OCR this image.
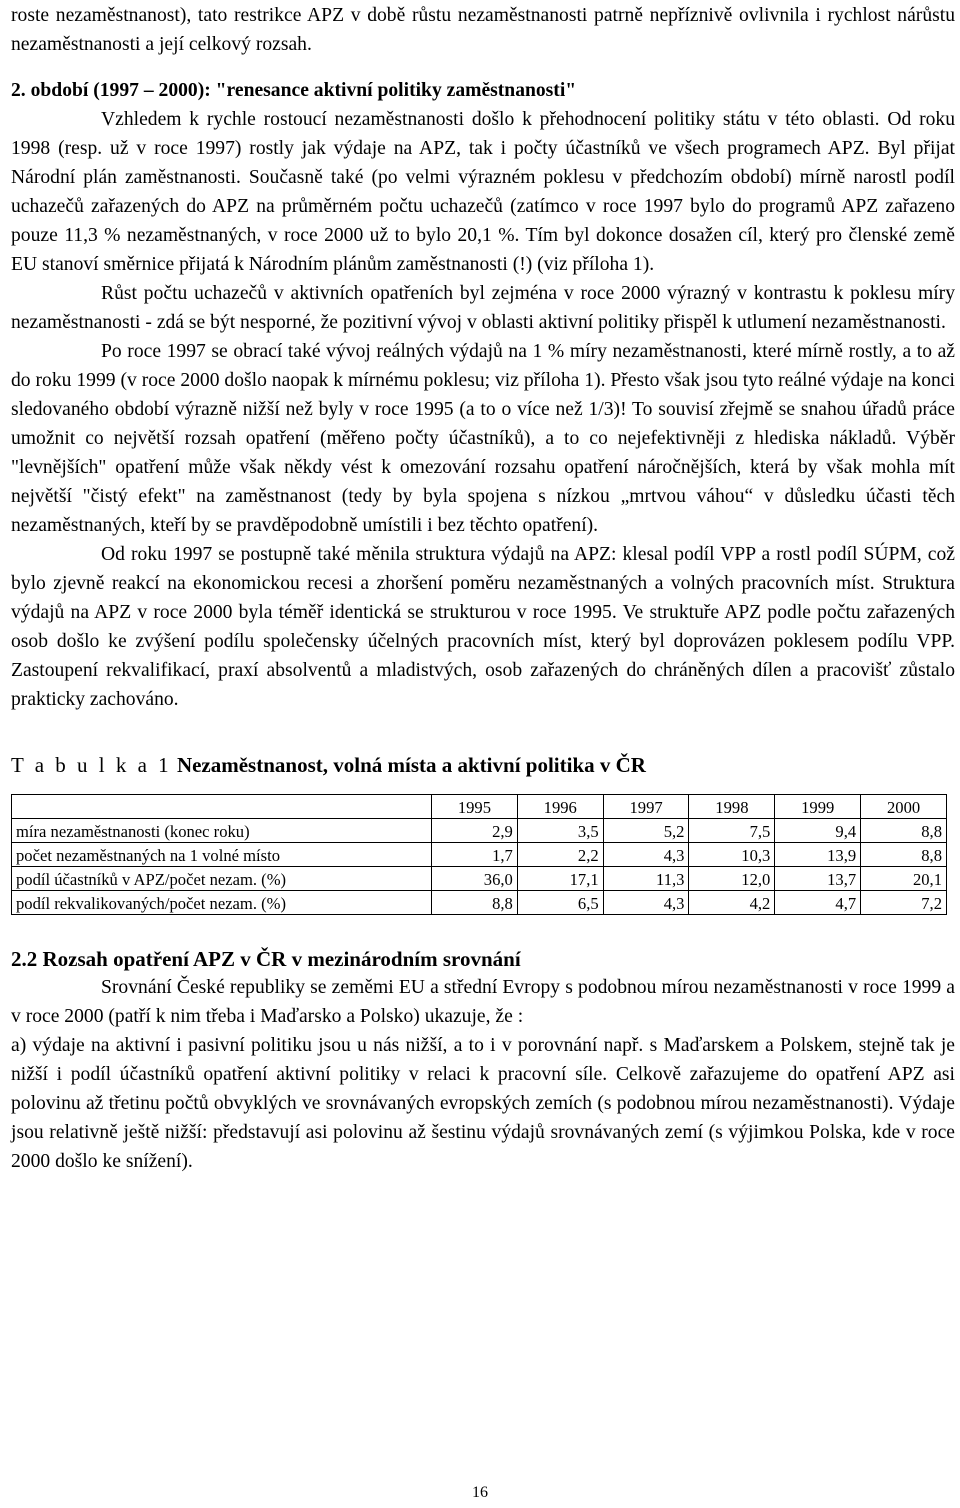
roste nezaměstnanost), tato restrikce APZ v době růstu nezaměstnanosti patrně nepříznivě ovlivnila i rychlost nárůstu nezaměstnanosti a její celkový rozsah.

2. období (1997 – 2000): "renesance aktivní politiky zaměstnanosti"

Vzhledem k rychle rostoucí nezaměstnanosti došlo k přehodnocení politiky státu v této oblasti. Od roku 1998 (resp. už v roce 1997) rostly jak výdaje na APZ, tak i počty účastníků ve všech programech APZ. Byl přijat Národní plán zaměstnanosti. Současně také (po velmi výrazném poklesu v předchozím období) mírně narostl podíl uchazečů zařazených do APZ na průměrném počtu uchazečů (zatímco v roce 1997 bylo do programů APZ zařazeno pouze 11,3 % nezaměstnaných, v roce 2000 už to bylo 20,1 %. Tím byl dokonce dosažen cíl, který pro členské země EU stanoví směrnice přijatá k Národním plánům zaměstnanosti (!) (viz příloha 1).

Růst počtu uchazečů v aktivních opatřeních byl zejména v roce 2000 výrazný v kontrastu k poklesu míry nezaměstnanosti - zdá se být nesporné, že pozitivní vývoj v oblasti aktivní politiky přispěl k utlumení nezaměstnanosti.

Po roce 1997 se obrací také vývoj reálných výdajů na 1 % míry nezaměstnanosti, které mírně rostly, a to až do roku 1999 (v roce 2000 došlo naopak k mírnému poklesu; viz příloha 1). Přesto však jsou tyto reálné výdaje na konci sledovaného období výrazně nižší než byly v roce 1995 (a to o více než 1/3)! To souvisí zřejmě se snahou úřadů práce umožnit co největší rozsah opatření (měřeno počty účastníků), a to co nejefektivněji z hlediska nákladů. Výběr "levnějších" opatření může však někdy vést k omezování rozsahu opatření náročnějších, která by však mohla mít největší "čistý efekt" na zaměstnanost (tedy by byla spojena s nízkou „mrtvou váhou“ v důsledku účasti těch nezaměstnaných, kteří by se pravděpodobně umístili i bez těchto opatření).

Od roku 1997 se postupně také měnila struktura výdajů na APZ: klesal podíl VPP a rostl podíl SÚPM, což bylo zjevně reakcí na ekonomickou recesi a zhoršení poměru nezaměstnaných a volných pracovních míst. Struktura výdajů na APZ v roce 2000 byla téměř identická se strukturou v roce 1995. Ve struktuře APZ podle počtu zařazených osob došlo ke zvýšení podílu společensky účelných pracovních míst, který byl doprovázen poklesem podílu VPP. Zastoupení rekvalifikací, praxí absolventů a mladistvých, osob zařazených do chráněných dílen a pracovišť zůstalo prakticky zachováno.

T a b u l k a 1 Nezaměstnanost, volná místa a aktivní politika v ČR

	1995	1996	1997	1998	1999	2000
míra nezaměstnanosti (konec roku)	2,9	3,5	5,2	7,5	9,4	8,8
počet nezaměstnaných na 1 volné místo	1,7	2,2	4,3	10,3	13,9	8,8
podíl účastníků v APZ/počet nezam. (%)	36,0	17,1	11,3	12,0	13,7	20,1
podíl rekvalikovaných/počet nezam. (%)	8,8	6,5	4,3	4,2	4,7	7,2
2.2 Rozsah opatření APZ v ČR v mezinárodním srovnání

Srovnání České republiky se zeměmi EU a střední Evropy s podobnou mírou nezaměstnanosti v roce 1999 a v roce 2000 (patří k nim třeba i Maďarsko a Polsko) ukazuje, že :

a) výdaje na aktivní i pasivní politiku jsou u nás nižší, a to i v porovnání např. s Maďarskem a Polskem, stejně tak je nižší i podíl účastníků opatření aktivní politiky v relaci k pracovní síle. Celkově zařazujeme do opatření APZ asi polovinu až třetinu počtů obvyklých ve srovnávaných evropských zemích (s podobnou mírou nezaměstnanosti). Výdaje jsou relativně ještě nižší: představují asi polovinu až šestinu výdajů srovnávaných zemí (s výjimkou Polska, kde v roce 2000 došlo ke snížení).

16
